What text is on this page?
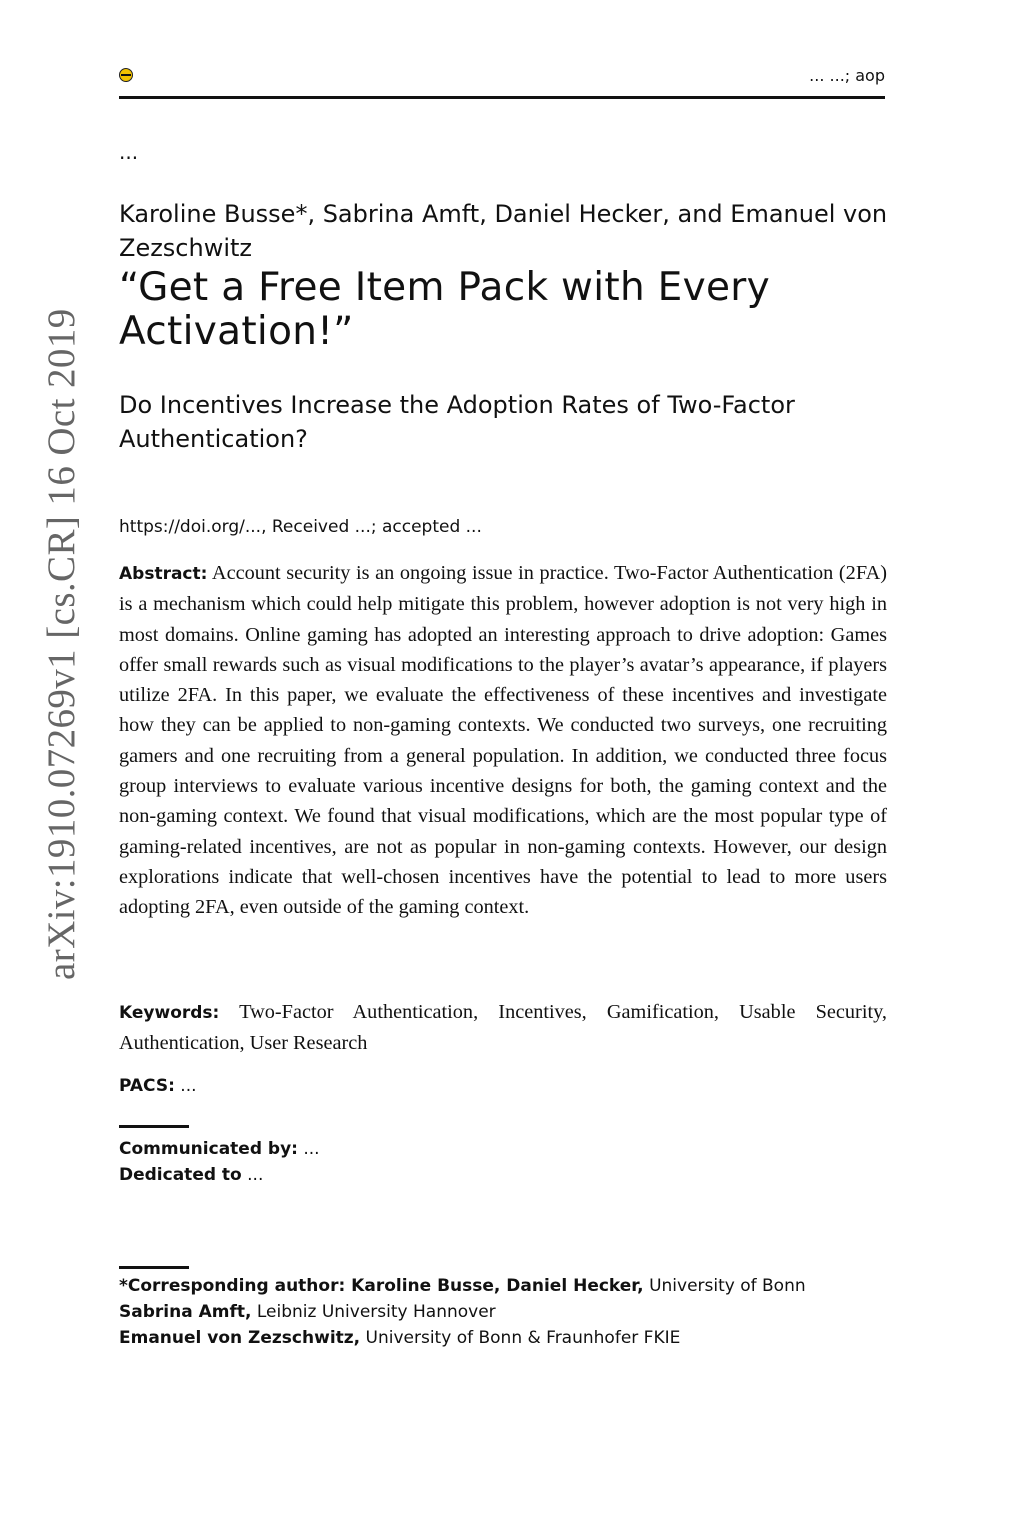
... ...; aop
arXiv:1910.07269v1 [cs.CR] 16 Oct 2019
...
Karoline Busse*, Sabrina Amft, Daniel Hecker, and Emanuel von Zezschwitz
“Get a Free Item Pack with Every Activation!”
Do Incentives Increase the Adoption Rates of Two-Factor Authentication?
https://doi.org/..., Received ...; accepted ...

Abstract: Account security is an ongoing issue in practice. Two-Factor Authentication (2FA) is a mechanism which could help mitigate this problem, however adoption is not very high in most domains. Online gaming has adopted an interesting approach to drive adoption: Games offer small rewards such as visual modifications to the player’s avatar’s appearance, if players utilize 2FA. In this paper, we evaluate the effectiveness of these incentives and investigate how they can be applied to non-gaming contexts. We conducted two surveys, one recruiting gamers and one recruiting from a general population. In addition, we conducted three focus group interviews to evaluate various incentive designs for both, the gaming context and the non-gaming context. We found that visual modifications, which are the most popular type of gaming-related incentives, are not as popular in non-gaming contexts. However, our design explorations indicate that well-chosen incentives have the potential to lead to more users adopting 2FA, even outside of the gaming context.

Keywords: Two-Factor Authentication, Incentives, Gamification, Usable Security, Authentication, User Research

PACS: ...
Communicated by: ...
Dedicated to ...
*Corresponding author: Karoline Busse, Daniel Hecker, University of Bonn
Sabrina Amft, Leibniz University Hannover
Emanuel von Zezschwitz, University of Bonn & Fraunhofer FKIE
